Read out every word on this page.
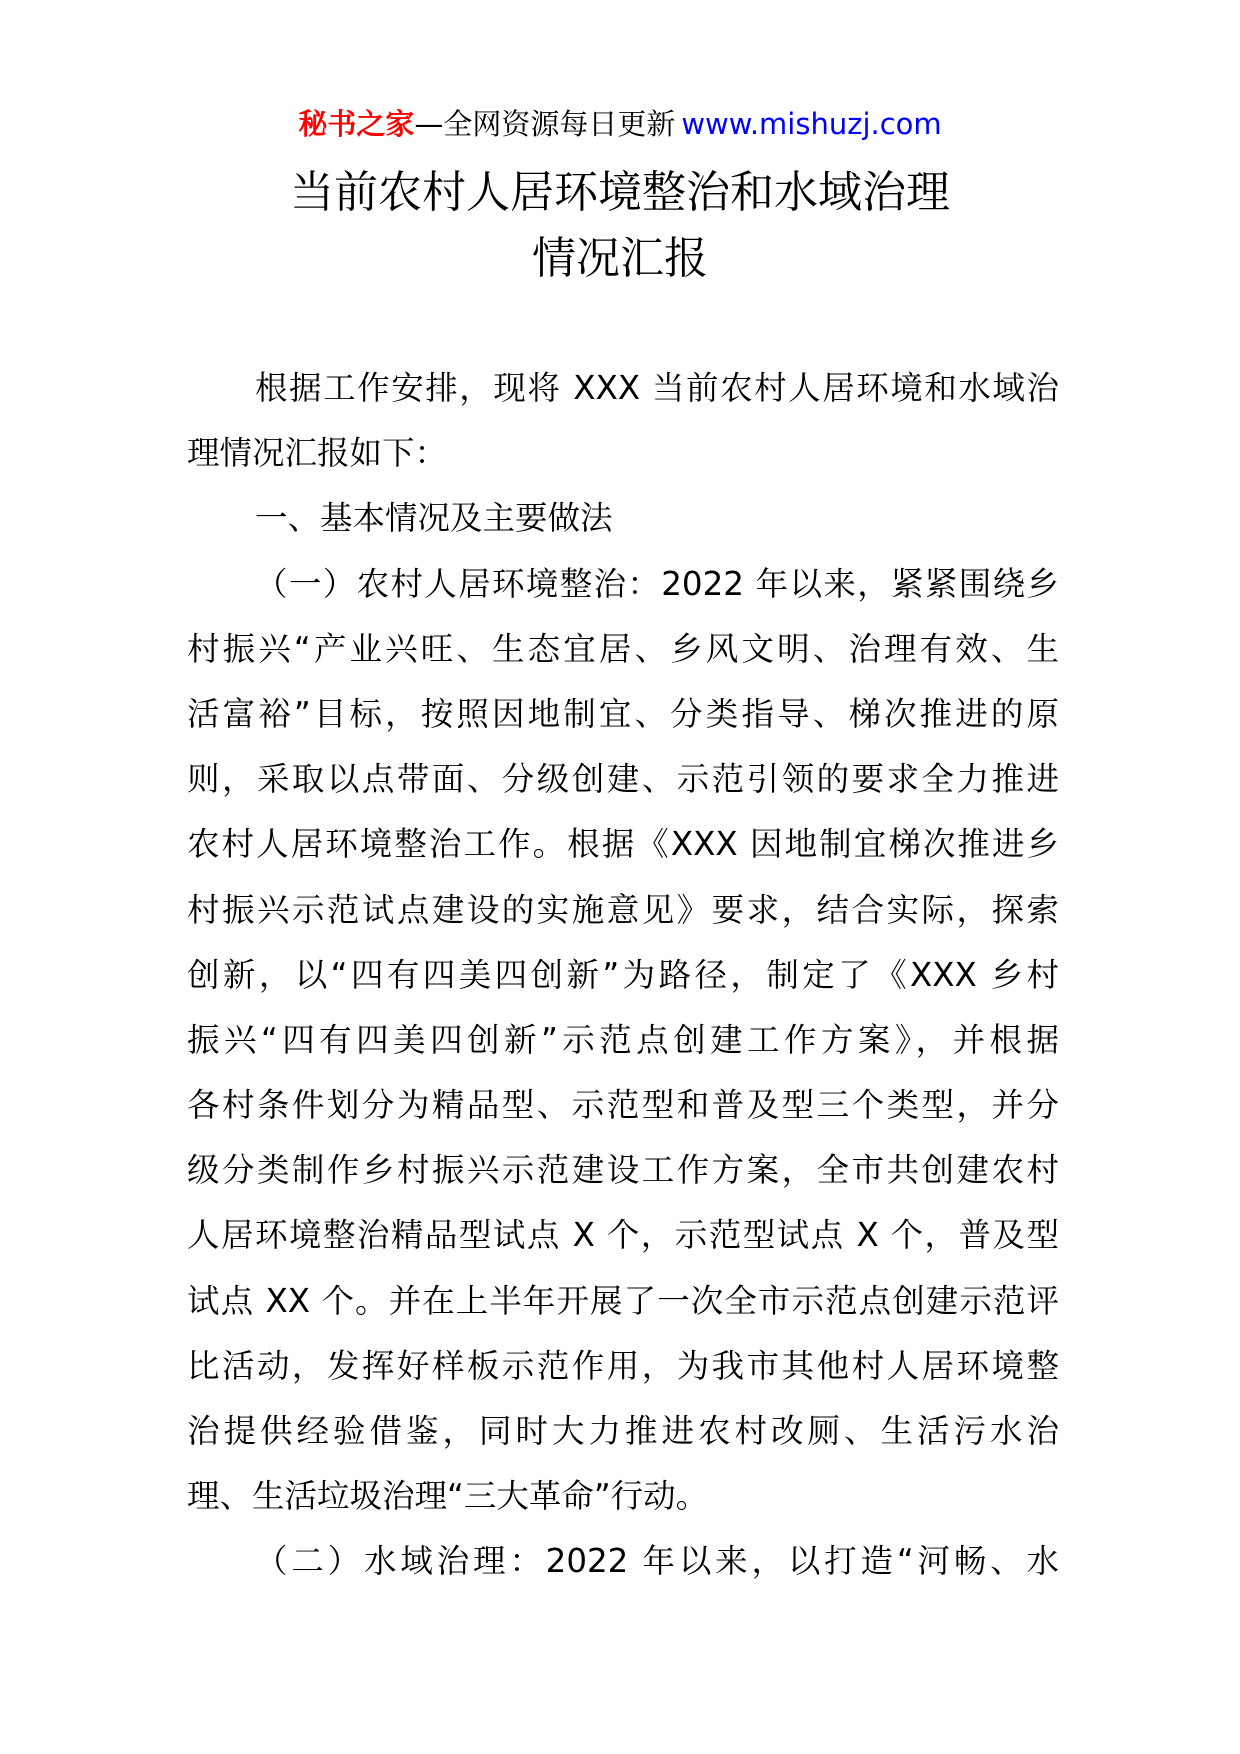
秘书之家—全网资源每日更新 www.mishuzj.com
当前农村人居环境整治和水域治理
情况汇报
根据工作安排，现将 XXX 当前农村人居环境和水域治
理情况汇报如下：
一、基本情况及主要做法
（一）农村人居环境整治：2022 年以来，紧紧围绕乡
村振兴“产业兴旺、生态宜居、乡风文明、治理有效、生
活富裕”目标，按照因地制宜、分类指导、梯次推进的原
则，采取以点带面、分级创建、示范引领的要求全力推进
农村人居环境整治工作。根据《XXX 因地制宜梯次推进乡
村振兴示范试点建设的实施意见》要求，结合实际，探索
创新，以“四有四美四创新”为路径，制定了《XXX 乡村
振兴“四有四美四创新”示范点创建工作方案》，并根据
各村条件划分为精品型、示范型和普及型三个类型，并分
级分类制作乡村振兴示范建设工作方案，全市共创建农村
人居环境整治精品型试点 X 个，示范型试点 X 个，普及型
试点 XX 个。并在上半年开展了一次全市示范点创建示范评
比活动，发挥好样板示范作用，为我市其他村人居环境整
治提供经验借鉴，同时大力推进农村改厕、生活污水治
理、生活垃圾治理“三大革命”行动。
（二）水域治理：2022 年以来，以打造“河畅、水
